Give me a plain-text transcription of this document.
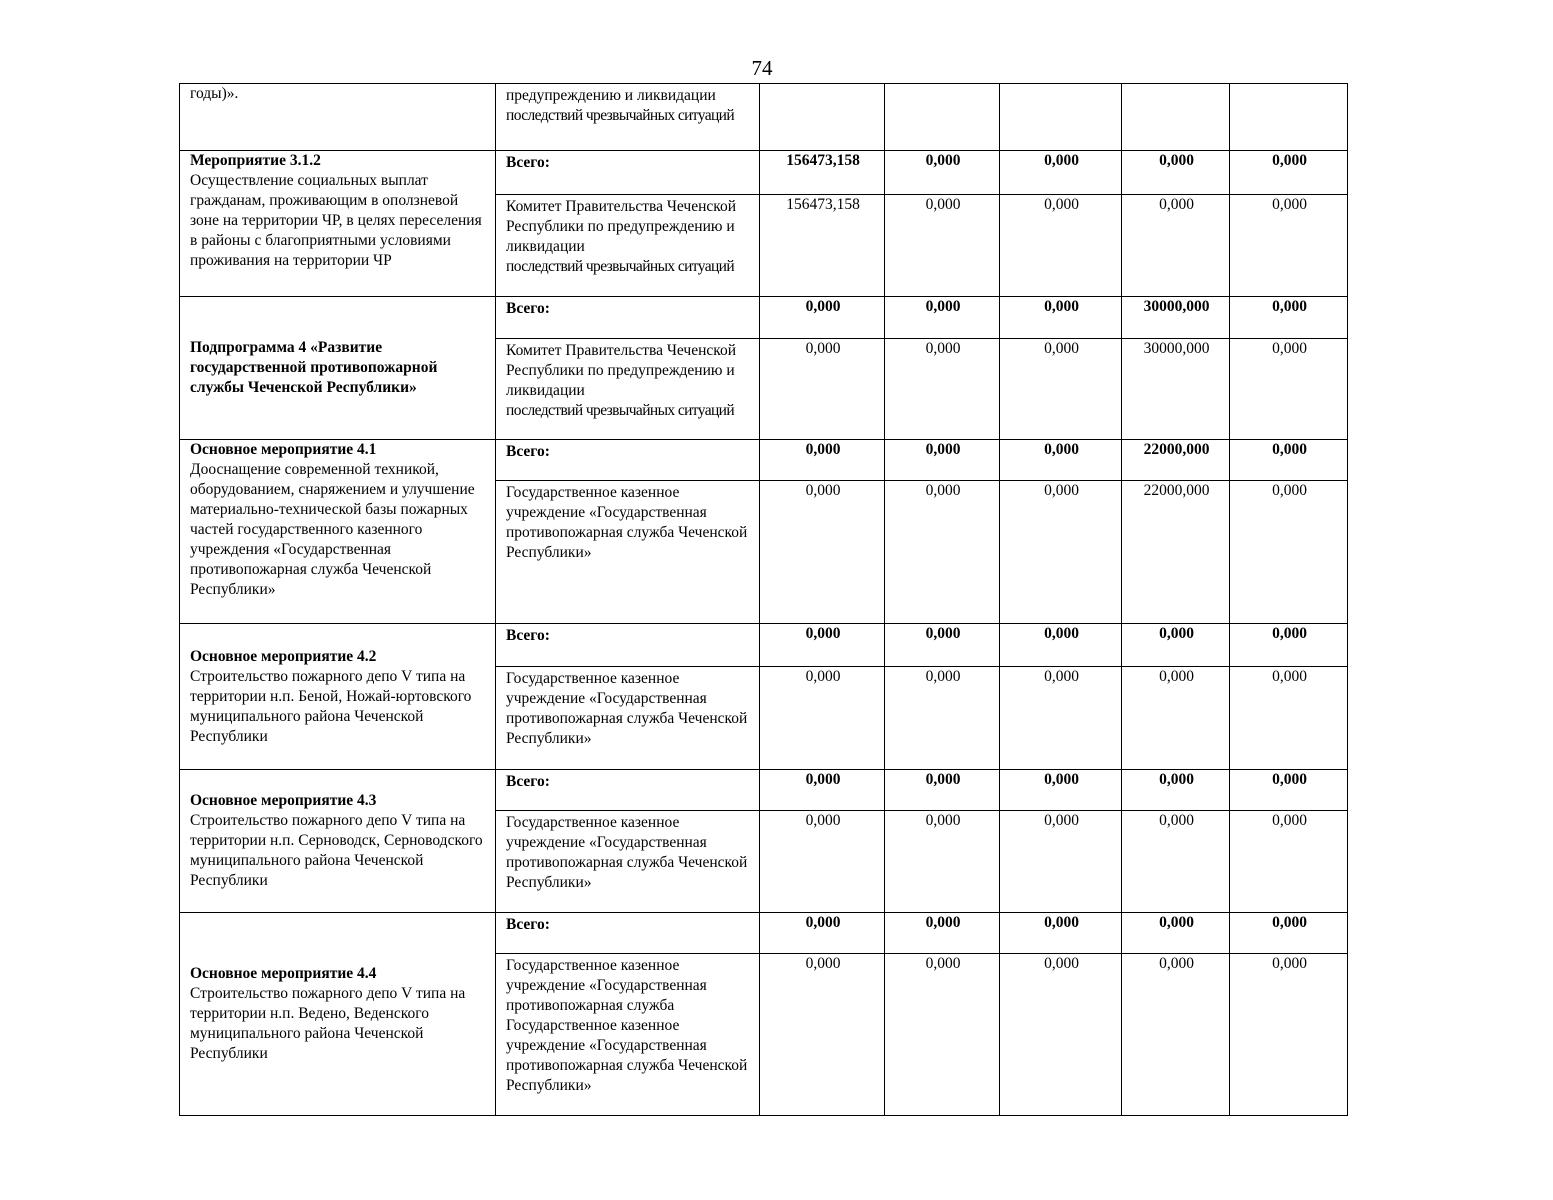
74
годы)».	предупреждению и ликвидации
последствий чрезвычайных ситуаций					

Мероприятие 3.1.2
Осуществление социальных выплат гражданам, проживающим в оползневой зоне на территории ЧР, в целях переселения в районы с благоприятными условиями проживания на территории ЧР	Всего:	156473,158	0,000	0,000	0,000	0,000

	Комитет Правительства Чеченской Республики по предупреждению и ликвидации
последствий чрезвычайных ситуаций	156473,158	0,000	0,000	0,000	0,000

Подпрограмма 4 «Развитие государственной противопожарной службы Чеченской Республики»	Всего:	0,000	0,000	0,000	30000,000	0,000

	Комитет Правительства Чеченской Республики по предупреждению и ликвидации
последствий чрезвычайных ситуаций	0,000	0,000	0,000	30000,000	0,000

Основное мероприятие 4.1
Дооснащение современной техникой, оборудованием, снаряжением и улучшение материально-технической базы пожарных частей государственного казенного учреждения «Государственная противопожарная служба Чеченской Республики»	Всего:	0,000	0,000	0,000	22000,000	0,000
	Государственное казенное учреждение «Государственная противопожарная служба Чеченской Республики»	0,000	0,000	0,000	22000,000	0,000

Основное мероприятие 4.2
Строительство пожарного депо V типа на территории н.п. Беной, Ножай-юртовского муниципального района Чеченской Республики	Всего:	0,000	0,000	0,000	0,000	0,000
	Государственное казенное учреждение «Государственная противопожарная служба Чеченской Республики»	0,000	0,000	0,000	0,000	0,000

Основное мероприятие 4.3
Строительство пожарного депо V типа на территории н.п. Серноводск, Серноводского муниципального района Чеченской Республики	Всего:	0,000	0,000	0,000	0,000	0,000
	Государственное казенное учреждение «Государственная противопожарная служба Чеченской Республики»	0,000	0,000	0,000	0,000	0,000

Основное мероприятие 4.4
Строительство пожарного депо V типа на территории н.п. Ведено, Веденского муниципального района Чеченской Республики	Всего:	0,000	0,000	0,000	0,000	0,000
	Государственное казенное учреждение «Государственная противопожарная служба Государственное казенное учреждение «Государственная противопожарная служба Чеченской Республики»	0,000	0,000	0,000	0,000	0,000
